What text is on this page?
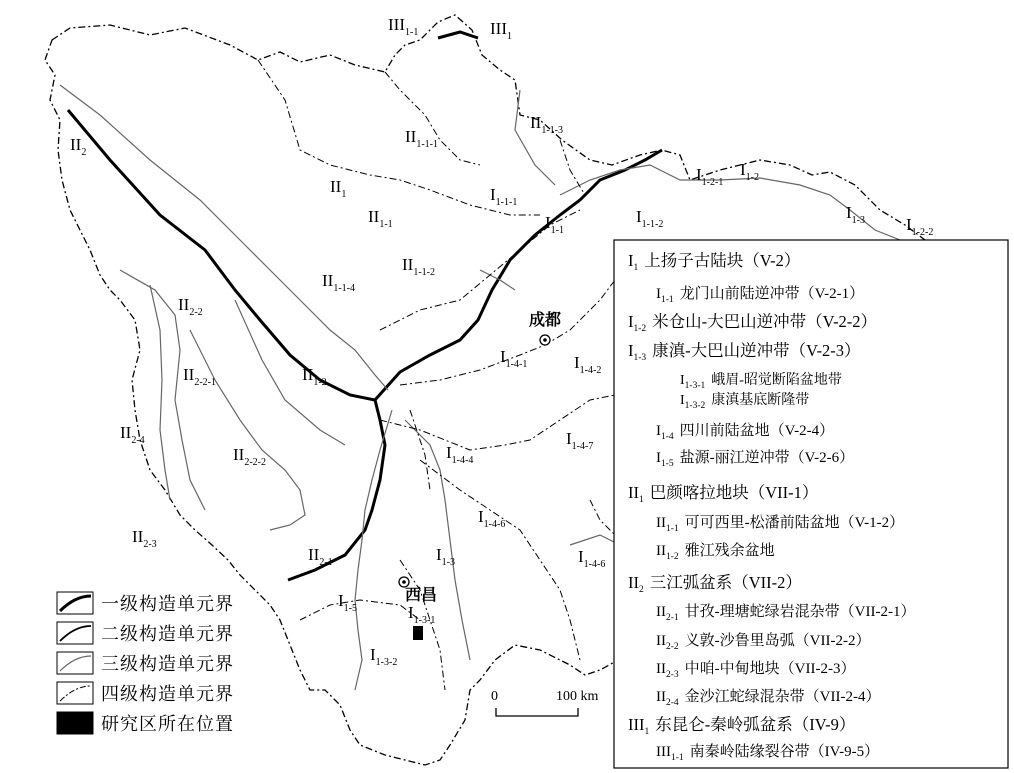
$III_{1-1}$	$III_1$
$II_{1-1-1}$
$II_{1-1-3}$
$II_2$
$II_1$
$II_{1-1}$
$II_{1-1-2}$
$II_{1-1-4}$
$II_{2-2}$
$II_{2-2-1}$
$II_{2-4}$
$II_{2-2-2}$
$II_{2-3}$
$II_{1-2}$
$II_{2-1}$
$I_{1-1-1}$
$I_{1-1}$
$I_{1-1-2}$
$I_{1-2-1}$
$I_{1-2}$
$I_{1-3}$ $I_{1-2-2}$
$I_{1-4-1}$	$I_{1-4-2}$
$I_{1-4-7}$
$I_{1-4-4}$
$I_{1-4-6}$
$I_{1-4-6}$
$I_{1-3}$
$I_{1-5}$	$I_{1-3-1}$
$I_{1-3-2}$
成都
西昌
0	100 km
一级构造单元界
二级构造单元界
三级构造单元界
四级构造单元界
研究区所在位置
$I_1$ 上扬子古陆块（V-2）
$I_{1-1}$ 龙门山前陆逆冲带（V-2-1）
$I_{1-2}$ 米仓山-大巴山逆冲带（V-2-2）
$I_{1-3}$ 康滇-大巴山逆冲带（V-2-3）
$I_{1-3-1}$ 峨眉-昭觉断陷盆地带
$I_{1-3-2}$ 康滇基底断隆带
$I_{1-4}$ 四川前陆盆地（V-2-4）
$I_{1-5}$ 盐源-丽江逆冲带（V-2-6）
$II_1$ 巴颜喀拉地块（VII-1）
$II_{1-1}$ 可可西里-松潘前陆盆地（V-1-2）
$II_{1-2}$ 雅江残余盆地
$II_2$ 三江弧盆系（VII-2）
$II_{2-1}$ 甘孜-理塘蛇绿岩混杂带（VII-2-1）
$II_{2-2}$ 义敦-沙鲁里岛弧（VII-2-2）
$II_{2-3}$ 中咱-中甸地块（VII-2-3）
$II_{2-4}$ 金沙江蛇绿混杂带（VII-2-4）
$III_1$ 东昆仑-秦岭弧盆系（IV-9）
$III_{1-1}$ 南秦岭陆缘裂谷带（IV-9-5）
